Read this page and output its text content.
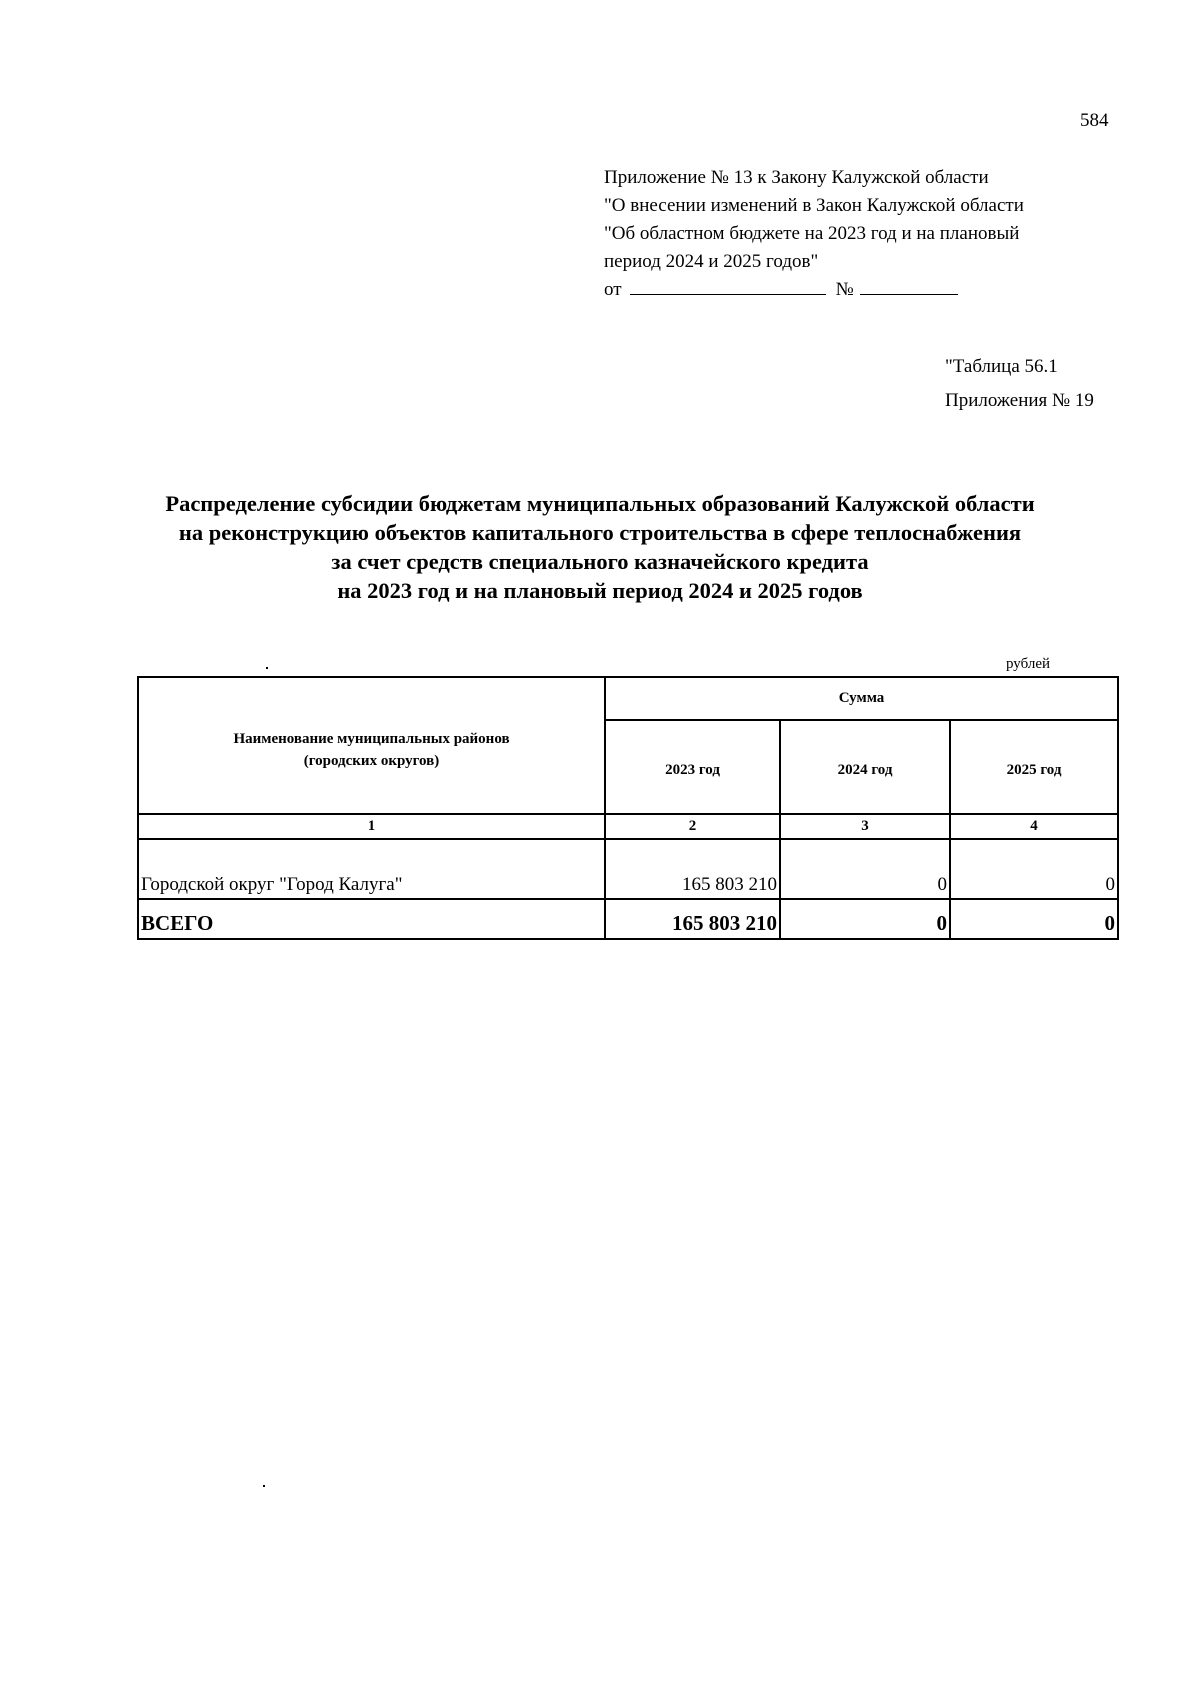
584
Приложение № 13 к Закону Калужской области
"О внесении изменений в Закон Калужской области
"Об областном бюджете на 2023 год и на плановый
период 2024 и 2025 годов"
от	№
"Таблица 56.1
Приложения № 19
Распределение субсидии бюджетам муниципальных образований Калужской области
на реконструкцию объектов капитального строительства в сфере теплоснабжения
за счет средств специального казначейского кредита
на 2023 год и на плановый период 2024 и 2025 годов
рублей
Наименование муниципальных районов
(городских округов)	Сумма		
	2023 год	2024 год	2025 год
1	2	3	4
Городской округ "Город Калуга"	165 803 210	0	0
ВСЕГО	165 803 210	0	0
